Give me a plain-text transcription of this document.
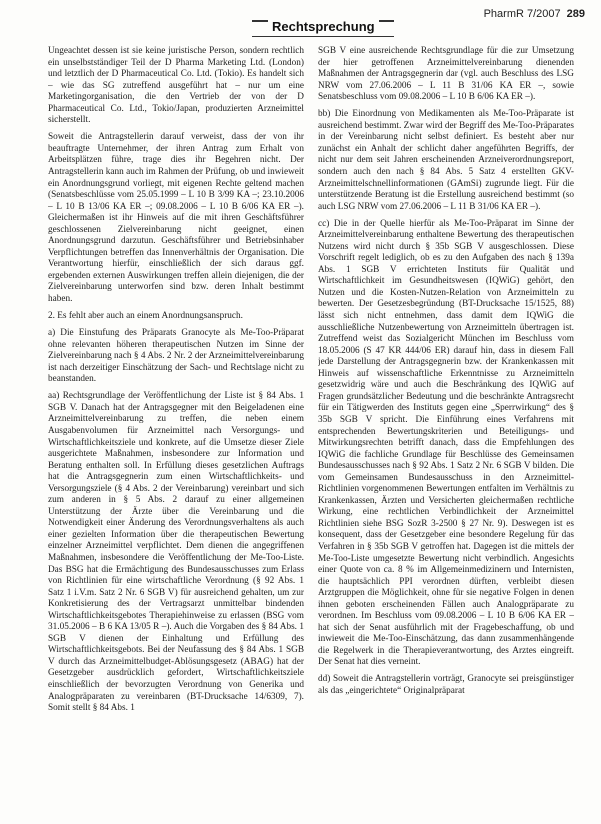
PharmR 7/2007 289
Rechtsprechung

Ungeachtet dessen ist sie keine juristische Person, sondern rechtlich ein unselbstständiger Teil der D Pharma Marketing Ltd. (London) und letztlich der D Pharmaceutical Co. Ltd. (Tokio). Es handelt sich – wie das SG zutreffend ausgeführt hat – nur um eine Marketingorganisation, die den Vertrieb der von der D Pharmaceutical Co. Ltd., Tokio/Japan, produzierten Arzneimittel sicherstellt.

Soweit die Antragstellerin darauf verweist, dass der von ihr beauftragte Unternehmer, der ihren Antrag zum Erhalt von Arbeitsplätzen führe, trage dies ihr Begehren nicht. Der Antragstellerin kann auch im Rahmen der Prüfung, ob und inwieweit ein Anordnungsgrund vorliegt, mit eigenen Rechte geltend machen (Senatsbeschlüsse vom 25.05.1999 – L 10 B 3/99 KA –; 23.10.2006 – L 10 B 13/06 KA ER –; 09.08.2006 – L 10 B 6/06 KA ER –). Gleichermaßen ist ihr Hinweis auf die mit ihren Geschäftsführer geschlossenen Zielvereinbarung nicht geeignet, einen Anordnungsgrund darzutun. Geschäftsführer und Betriebsinhaber Verpflichtungen betreffen das Innenverhältnis der Organisation. Die Verantwortung hierfür, einschließlich der sich daraus ggf. ergebenden externen Auswirkungen treffen allein diejenigen, die der Zielvereinbarung unterworfen sind bzw. deren Inhalt bestimmt haben.

2. Es fehlt aber auch an einem Anordnungsanspruch.

a) Die Einstufung des Präparats Granocyte als Me-Too-Präparat ohne relevanten höheren therapeutischen Nutzen im Sinne der Zielvereinbarung nach § 4 Abs. 2 Nr. 2 der Arzneimittelvereinbarung ist nach derzeitiger Einschätzung der Sach- und Rechtslage nicht zu beanstanden.

aa) Rechtsgrundlage der Veröffentlichung der Liste ist § 84 Abs. 1 SGB V. Danach hat der Antragsgegner mit den Beigeladenen eine Arzneimittelvereinbarung zu treffen, die neben einem Ausgabenvolumen für Arzneimittel nach Versorgungs- und Wirtschaftlichkeitsziele und konkrete, auf die Umsetze dieser Ziele ausgerichtete Maßnahmen, insbesondere zur Information und Beratung enthalten soll. In Erfüllung dieses gesetzlichen Auftrags hat die Antragsgegnerin zum einen Wirtschaftlichkeits- und Versorgungsziele (§ 4 Abs. 2 der Vereinbarung) vereinbart und sich zum anderen in § 5 Abs. 2 darauf zu einer allgemeinen Unterstützung der Ärzte über die Vereinbarung und die Notwendigkeit einer Änderung des Verordnungsverhaltens als auch einer gezielten Information über die therapeutischen Bewertung einzelner Arzneimittel verpflichtet. Dem dienen die angegriffenen Maßnahmen, insbesondere die Veröffentlichung der Me-Too-Liste. Das BSG hat die Ermächtigung des Bundesausschusses zum Erlass von Richtlinien für eine wirtschaftliche Verordnung (§ 92 Abs. 1 Satz 1 i.V.m. Satz 2 Nr. 6 SGB V) für ausreichend gehalten, um zur Konkretisierung des der Vertragsarzt unmittelbar bindenden Wirtschaftlichkeitsgebotes Therapiehinweise zu erlassen (BSG vom 31.05.2006 – B 6 KA 13/05 R –). Auch die Vorgaben des § 84 Abs. 1 SGB V dienen der Einhaltung und Erfüllung des Wirtschaftlichkeitsgebots. Bei der Neufassung des § 84 Abs. 1 SGB V durch das Arzneimittelbudget-Ablösungsgesetz (ABAG) hat der Gesetzgeber ausdrücklich gefordert, Wirtschaftlichkeitsziele einschließlich der bevorzugten Verordnung von Generika und Analogpräparaten zu vereinbaren (BT-Drucksache 14/6309, 7). Somit stellt § 84 Abs. 1

SGB V eine ausreichende Rechtsgrundlage für die zur Umsetzung der hier getroffenen Arzneimittelvereinbarung dienenden Maßnahmen der Antragsgegnerin dar (vgl. auch Beschluss des LSG NRW vom 27.06.2006 – L 11 B 31/06 KA ER –, sowie Senatsbeschluss vom 09.08.2006 – L 10 B 6/06 KA ER –).

bb) Die Einordnung von Medikamenten als Me-Too-Präparate ist ausreichend bestimmt. Zwar wird der Begriff des Me-Too-Präparates in der Vereinbarung nicht selbst definiert. Es besteht aber nur zunächst ein Anhalt der schlicht daher angeführten Begriffs, der nicht nur dem seit Jahren erscheinenden Arzneiverordnungsreport, sondern auch den nach § 84 Abs. 5 Satz 4 erstellten GKV-Arzneimittelschnellinformationen (GAmSi) zugrunde liegt. Für die unterstützende Beratung ist die Erstellung ausreichend bestimmt (so auch LSG NRW vom 27.06.2006 – L 11 B 31/06 KA ER –).

cc) Die in der Quelle hierfür als Me-Too-Präparat im Sinne der Arzneimittelvereinbarung enthaltene Bewertung des therapeutischen Nutzens wird nicht durch § 35b SGB V ausgeschlossen. Diese Vorschrift regelt lediglich, ob es zu den Aufgaben des nach § 139a Abs. 1 SGB V errichteten Instituts für Qualität und Wirtschaftlichkeit im Gesundheitswesen (IQWiG) gehört, den Nutzen und die Kosten-Nutzen-Relation von Arzneimitteln zu bewerten. Der Gesetzesbegründung (BT-Drucksache 15/1525, 88) lässt sich nicht entnehmen, dass damit dem IQWiG die ausschließliche Nutzenbewertung von Arzneimitteln übertragen ist. Zutreffend weist das Sozialgericht München im Beschluss vom 18.05.2006 (S 47 KR 444/06 ER) darauf hin, dass in diesem Fall jede Darstellung der Antragsgegnerin bzw. der Krankenkassen mit Hinweis auf wissenschaftliche Erkenntnisse zu Arzneimitteln gesetzwidrig wäre und auch die Beschränkung des IQWiG auf Fragen grundsätzlicher Bedeutung und die beschränkte Antragsrecht für ein Tätigwerden des Instituts gegen eine „Sperrwirkung“ des § 35b SGB V spricht. Die Einführung eines Verfahrens mit entsprechenden Bewertungskriterien und Beteiligungs- und Mitwirkungsrechten betrifft danach, dass die Empfehlungen des IQWiG die fachliche Grundlage für Beschlüsse des Gemeinsamen Bundesausschusses nach § 92 Abs. 1 Satz 2 Nr. 6 SGB V bilden. Die vom Gemeinsamen Bundesausschuss in den Arzneimittel-Richtlinien vorgenommenen Bewertungen entfalten im Verhältnis zu Krankenkassen, Ärzten und Versicherten gleichermaßen rechtliche Wirkung, eine rechtlichen Verbindlichkeit der Arzneimittel Richtlinien siehe BSG SozR 3-2500 § 27 Nr. 9). Deswegen ist es konsequent, dass der Gesetzgeber eine besondere Regelung für das Verfahren in § 35b SGB V getroffen hat. Dagegen ist die mittels der Me-Too-Liste umgesetzte Bewertung nicht verbindlich. Angesichts einer Quote von ca. 8 % im Allgemeinmedizinern und Internisten, die hauptsächlich PPI verordnen dürften, verbleibt diesen Arztgruppen die Möglichkeit, ohne für sie negative Folgen in denen ihnen geboten erscheinenden Fällen auch Analogpräparate zu verordnen. Im Beschluss vom 09.08.2006 – L 10 B 6/06 KA ER – hat sich der Senat ausführlich mit der Fragebeschaffung, ob und inwieweit die Me-Too-Einschätzung, das dann zusammenhängende die Regelwerk in die Therapieverantwortung, des Arztes eingreift. Der Senat hat dies verneint.

dd) Soweit die Antragstellerin vorträgt, Granocyte sei preisgünstiger als das „eingerichtete“ Originalpräparat
